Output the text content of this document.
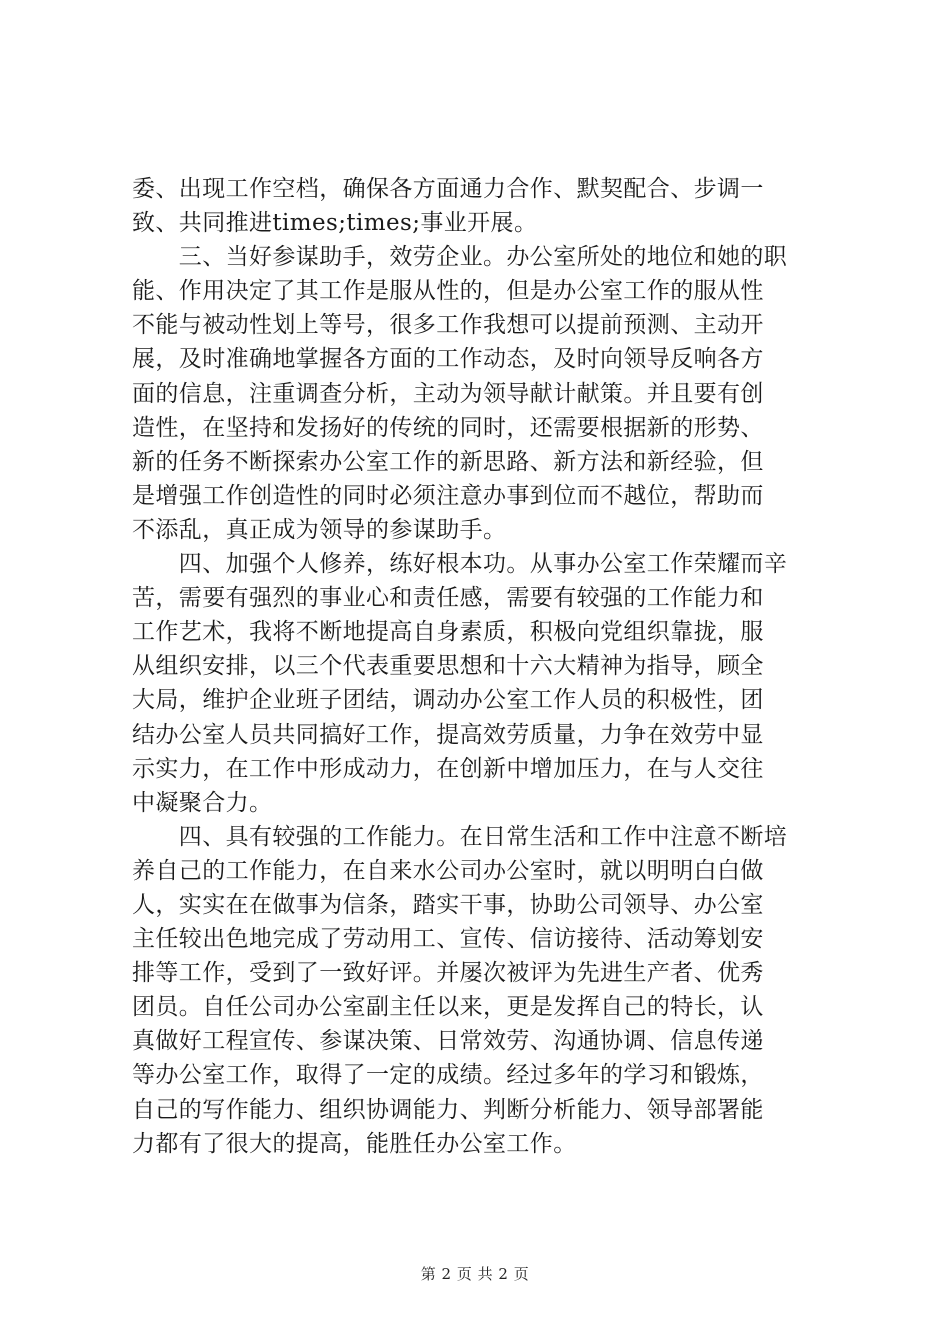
委、出现工作空档，确保各方面通力合作、默契配合、步调一
致、共同推进times;times;事业开展。
　　三、当好参谋助手，效劳企业。办公室所处的地位和她的职
能、作用决定了其工作是服从性的，但是办公室工作的服从性
不能与被动性划上等号，很多工作我想可以提前预测、主动开
展，及时准确地掌握各方面的工作动态，及时向领导反响各方
面的信息，注重调查分析，主动为领导献计献策。并且要有创
造性，在坚持和发扬好的传统的同时，还需要根据新的形势、
新的任务不断探索办公室工作的新思路、新方法和新经验，但
是增强工作创造性的同时必须注意办事到位而不越位，帮助而
不添乱，真正成为领导的参谋助手。
　　四、加强个人修养，练好根本功。从事办公室工作荣耀而辛
苦，需要有强烈的事业心和责任感，需要有较强的工作能力和
工作艺术，我将不断地提高自身素质，积极向党组织靠拢，服
从组织安排，以三个代表重要思想和十六大精神为指导，顾全
大局，维护企业班子团结，调动办公室工作人员的积极性，团
结办公室人员共同搞好工作，提高效劳质量，力争在效劳中显
示实力，在工作中形成动力，在创新中增加压力，在与人交往
中凝聚合力。
　　四、具有较强的工作能力。在日常生活和工作中注意不断培
养自己的工作能力，在自来水公司办公室时，就以明明白白做
人，实实在在做事为信条，踏实干事，协助公司领导、办公室
主任较出色地完成了劳动用工、宣传、信访接待、活动筹划安
排等工作，受到了一致好评。并屡次被评为先进生产者、优秀
团员。自任公司办公室副主任以来，更是发挥自己的特长，认
真做好工程宣传、参谋决策、日常效劳、沟通协调、信息传递
等办公室工作，取得了一定的成绩。经过多年的学习和锻炼，
自己的写作能力、组织协调能力、判断分析能力、领导部署能
力都有了很大的提高，能胜任办公室工作。
第 2 页 共 2 页
